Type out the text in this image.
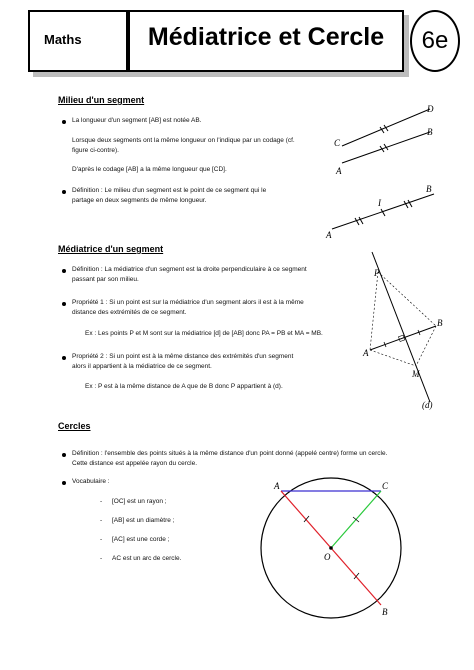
Maths	Médiatrice et Cercle	6e
Milieu d'un segment
La longueur d'un segment [AB] est notée AB.
Lorsque deux segments ont la même longueur on l'indique par un codage (cf.
figure ci-contre).
D'après le codage [AB] a la même longueur que [CD].
Définition : Le milieu d'un segment est le point de ce segment qui le
partage en deux segments de même longueur.
C
D
A
B
A
I
B
Médiatrice d'un segment
Définition : La médiatrice d'un segment est la droite perpendiculaire à ce segment
passant par son milieu.
Propriété 1 : Si un point est sur la médiatrice d'un segment alors il est à la même
distance des extrémités de ce segment.
Ex : Les points P et M sont sur la médiatrice [d] de [AB] donc PA = PB et MA = MB.
Propriété 2 : Si un point est à la même distance des extrémités d'un segment
alors il appartient à la médiatrice de ce segment.
Ex : P est à la même distance de A que de B donc P appartient à (d).
P
A
B
M
(d)
Cercles
Définition : l'ensemble des points situés à la même distance d'un point donné (appelé centre) forme un cercle.
Cette distance est appelée rayon du cercle.
Vocabulaire :
- [OC] est un rayon ;
- [AB] est un diamètre ;
- [AC] est une corde ;
- AC est un arc de cercle.
A	C
O
B
